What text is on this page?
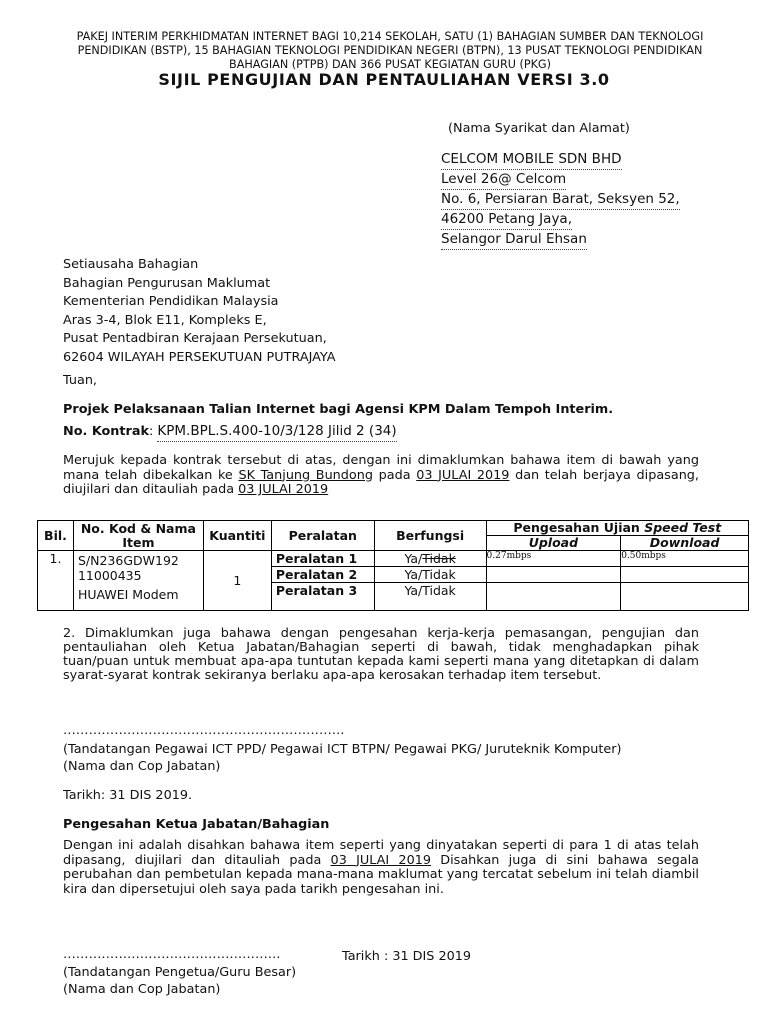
PAKEJ INTERIM PERKHIDMATAN INTERNET BAGI 10,214 SEKOLAH, SATU (1) BAHAGIAN SUMBER DAN TEKNOLOGI
PENDIDIKAN (BSTP), 15 BAHAGIAN TEKNOLOGI PENDIDIKAN NEGERI (BTPN), 13 PUSAT TEKNOLOGI PENDIDIKAN
BAHAGIAN (PTPB) DAN 366 PUSAT KEGIATAN GURU (PKG)
SIJIL PENGUJIAN DAN PENTAULIAHAN VERSI 3.0
(Nama Syarikat dan Alamat)
CELCOM MOBILE SDN BHD
Level 26@ Celcom
No. 6, Persiaran Barat, Seksyen 52,
46200 Petang Jaya,
Selangor Darul Ehsan
Setiausaha Bahagian
Bahagian Pengurusan Maklumat
Kementerian Pendidikan Malaysia
Aras 3-4, Blok E11, Kompleks E,
Pusat Pentadbiran Kerajaan Persekutuan,
62604 WILAYAH PERSEKUTUAN PUTRAJAYA
Tuan,
Projek Pelaksanaan Talian Internet bagi Agensi KPM Dalam Tempoh Interim.
No. Kontrak: KPM.BPL.S.400-10/3/128 Jilid 2 (34)
Merujuk kepada kontrak tersebut di atas, dengan ini dimaklumkan bahawa item di bawah yang mana telah dibekalkan ke SK Tanjung Bundong pada 03 JULAI 2019 dan telah berjaya dipasang, diujilari dan ditauliah pada 03 JULAI 2019
Bil.	No. Kod & Nama Item	Kuantiti	Peralatan	Berfungsi	Pengesahan Ujian Speed Test	
					Upload	Download
1.	S/N236GDW192
11000435
HUAWEI Modem	1	Peralatan 1	Ya/Tidak	0.27mbps	0.50mbps
			Peralatan 2	Ya/Tidak		
			Peralatan 3	Ya/Tidak		
2. Dimaklumkan juga bahawa dengan pengesahan kerja-kerja pemasangan, pengujian dan pentauliahan oleh Ketua Jabatan/Bahagian seperti di bawah, tidak menghadapkan pihak tuan/puan untuk membuat apa-apa tuntutan kepada kami seperti mana yang ditetapkan di dalam syarat-syarat kontrak sekiranya berlaku apa-apa kerosakan terhadap item tersebut.
…………………………………………………………
(Tandatangan Pegawai ICT PPD/ Pegawai ICT BTPN/ Pegawai PKG/ Juruteknik Komputer)
(Nama dan Cop Jabatan)
Tarikh: 31 DIS 2019.
Pengesahan Ketua Jabatan/Bahagian
Dengan ini adalah disahkan bahawa item seperti yang dinyatakan seperti di para 1 di atas telah dipasang, diujilari dan ditauliah pada 03 JULAI 2019 Disahkan juga di sini bahawa segala perubahan dan pembetulan kepada mana-mana maklumat yang tercatat sebelum ini telah diambil kira dan dipersetujui oleh saya pada tarikh pengesahan ini.
……………………………………………	Tarikh : 31 DIS 2019
(Tandatangan Pengetua/Guru Besar)
(Nama dan Cop Jabatan)
